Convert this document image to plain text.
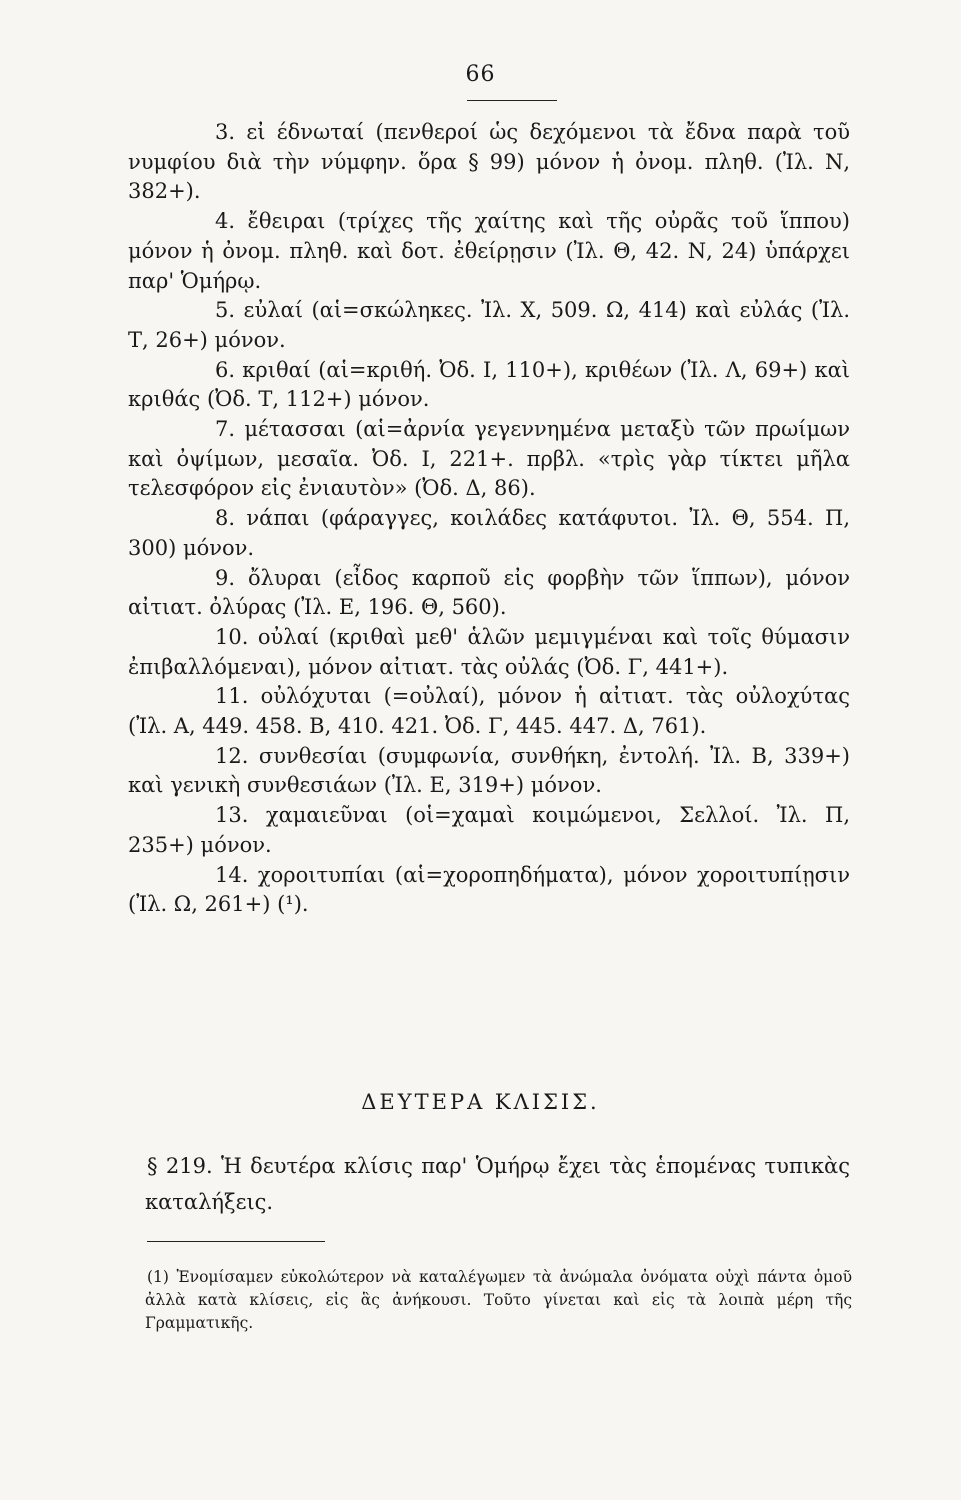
66

3. εἰ έδνωταί (πενθεροί ὡς δεχόμενοι τὰ ἔδνα παρὰ τοῦ νυμφίου διὰ τὴν νύμφην. ὅρα § 99) μόνον ἡ ὀνομ. πληθ. (Ἰλ. Ν, 382+).

4. ἔθειραι (τρίχες τῆς χαίτης καὶ τῆς οὐρᾶς τοῦ ἵππου) μόνον ἡ ὀνομ. πληθ. καὶ δοτ. ἐθείρῃσιν (Ἰλ. Θ, 42. Ν, 24) ὑπάρχει παρ' Ὁμήρῳ.

5. εὐλαί (αἱ=σκώληκες. Ἰλ. Χ, 509. Ω, 414) καὶ εὐλάς (Ἰλ. Τ, 26+) μόνον.

6. κριθαί (αἱ=κριθή. Ὀδ. Ι, 110+), κριθέων (Ἰλ. Λ, 69+) καὶ κριθάς (Ὀδ. Τ, 112+) μόνον.

7. μέτασσαι (αἱ=ἀρνία γεγεννημένα μεταξὺ τῶν πρωίμων καὶ ὀψίμων, μεσαῖα. Ὀδ. Ι, 221+. πρβλ. «τρὶς γὰρ τίκτει μῆλα τελεσφόρον εἰς ἐνιαυτὸν» (Ὀδ. Δ, 86).

8. νάπαι (φάραγγες, κοιλάδες κατάφυτοι. Ἰλ. Θ, 554. Π, 300) μόνον.

9. ὄλυραι (εἶδος καρποῦ εἰς φορβὴν τῶν ἵππων), μόνον αἰτιατ. ὀλύρας (Ἰλ. Ε, 196. Θ, 560).

10. οὐλαί (κριθαὶ μεθ' ἁλῶν μεμιγμέναι καὶ τοῖς θύμασιν ἐπιβαλλόμεναι), μόνον αἰτιατ. τὰς οὐλάς (Ὀδ. Γ, 441+).

11. οὐλόχυται (=οὐλαί), μόνον ἡ αἰτιατ. τὰς οὐλοχύτας (Ἰλ. Α, 449. 458. Β, 410. 421. Ὀδ. Γ, 445. 447. Δ, 761).

12. συνθεσίαι (συμφωνία, συνθήκη, ἐντολή. Ἰλ. Β, 339+) καὶ γενικὴ συνθεσιάων (Ἰλ. Ε, 319+) μόνον.

13. χαμαιεῦναι (οἱ=χαμαὶ κοιμώμενοι, Σελλοί. Ἰλ. Π, 235+) μόνον.

14. χοροιτυπίαι (αἱ=χοροπηδήματα), μόνον χοροιτυπίῃσιν (Ἰλ. Ω, 261+) (¹).

ΔΕΥΤΕΡΑ ΚΛΙΣΙΣ.
§ 219. Ἡ δευτέρα κλίσις παρ' Ὁμήρῳ ἔχει τὰς ἑπομένας τυπικὰς καταλήξεις.
(1) Ἐνομίσαμεν εὐκολώτερον νὰ καταλέγωμεν τὰ ἀνώμαλα ὀνόματα οὐχὶ πάντα ὁμοῦ ἀλλὰ κατὰ κλίσεις, εἰς ἃς ἀνήκουσι. Τοῦτο γίνεται καὶ εἰς τὰ λοιπὰ μέρη τῆς Γραμματικῆς.
